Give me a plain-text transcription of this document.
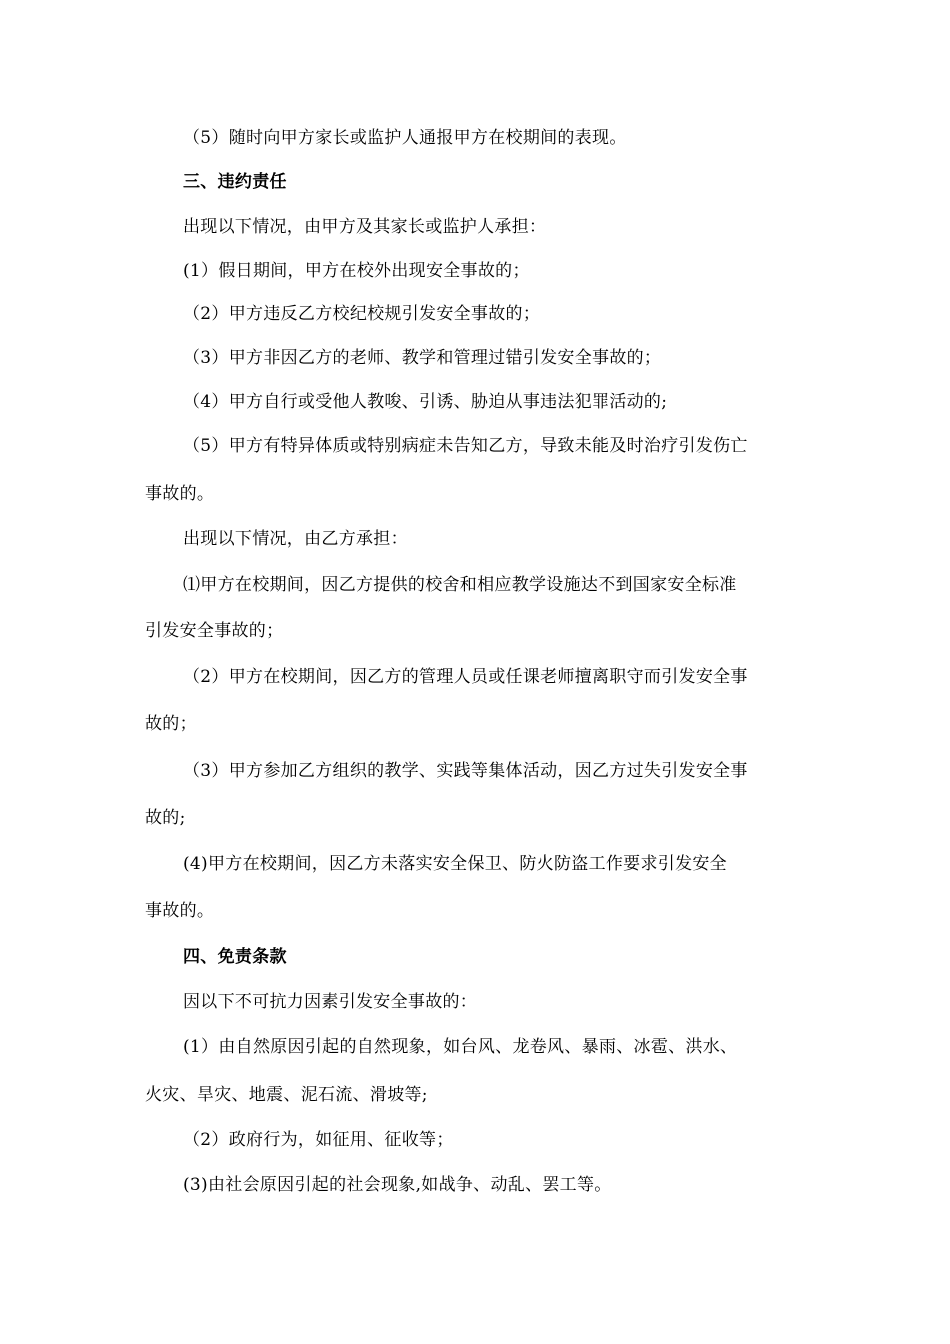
（5）随时向甲方家长或监护人通报甲方在校期间的表现。
三、违约责任
出现以下情况，由甲方及其家长或监护人承担：
(1）假日期间，甲方在校外出现安全事故的；
（2）甲方违反乙方校纪校规引发安全事故的；
（3）甲方非因乙方的老师、教学和管理过错引发安全事故的；
（4）甲方自行或受他人教唆、引诱、胁迫从事违法犯罪活动的;
（5）甲方有特异体质或特别病症未告知乙方，导致未能及时治疗引发伤亡
事故的。
出现以下情况，由乙方承担：
⑴甲方在校期间，因乙方提供的校舍和相应教学设施达不到国家安全标准
引发安全事故的；
（2）甲方在校期间，因乙方的管理人员或任课老师擅离职守而引发安全事
故的；
（3）甲方参加乙方组织的教学、实践等集体活动，因乙方过失引发安全事
故的;
(4)甲方在校期间，因乙方未落实安全保卫、防火防盗工作要求引发安全
事故的。
四、免责条款
因以下不可抗力因素引发安全事故的：
(1）由自然原因引起的自然现象，如台风、龙卷风、暴雨、冰雹、洪水、
火灾、旱灾、地震、泥石流、滑坡等;
（2）政府行为，如征用、征收等；
(3)由社会原因引起的社会现象,如战争、动乱、罢工等。
